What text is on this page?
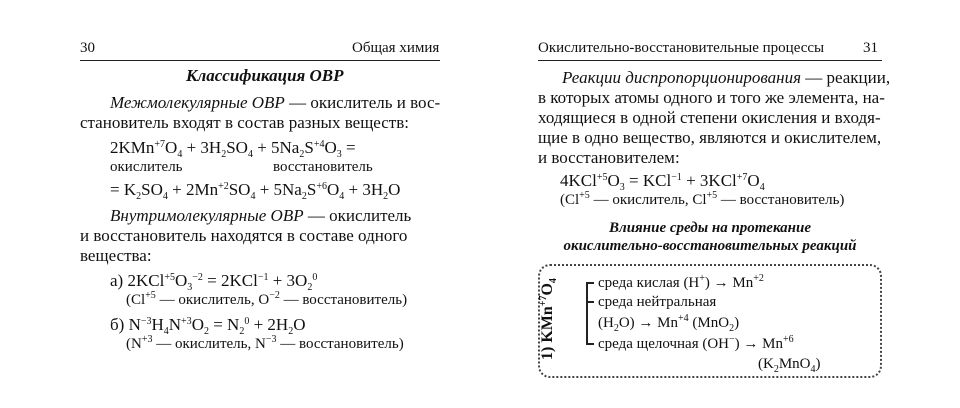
30	Общая химия
Классификация ОВР
Межмолекулярные ОВР — окислитель и вос-
становитель входят в состав разных веществ:
$2KMn^{+7}O_4 + 3H_2SO_4 + 5Na_2S^{+4}O_3$ =
окислитель	восстановитель
= $K_2SO_4 + 2Mn^{+2}SO_4 + 5Na_2S^{+6}O_4 + 3H_2O$
Внутримолекулярные ОВР — окислитель
и восстановитель находятся в составе одного
вещества:
а) $2KCl^{+5}O_3^{-2} = 2KCl^{-1} + 3O_2^0$
($Cl^{+5}$ — окислитель, $O^{-2}$ — восстановитель)
б) $N^{-3}H_4N^{+3}O_2 = N_2^0 + 2H_2O$
($N^{+3}$ — окислитель, $N^{-3}$ — восстановитель)
Окислительно-восстановительные процессы	31
Реакции диспропорционирования — реакции,
в которых атомы одного и того же элемента, на-
ходящиеся в одной степени окисления и входя-
щие в одно вещество, являются и окислителем,
и восстановителем:
$4KCl^{+5}O_3 = KCl^{-1} + 3KCl^{+7}O_4$
($Cl^{+5}$ — окислитель, $Cl^{+5}$ — восстановитель)
Влияние среды на протекание
окислительно-восстановительных реакций
1) $KMn^{+7}O_4$	среда кислая $(H^+) \to Mn^{+2}$
среда нейтральная
$(H_2O) \to Mn^{+4}$ (MnO$_2$)
среда щелочная $(OH^-) \to Mn^{+6}$
$(K_2MnO_4)$
